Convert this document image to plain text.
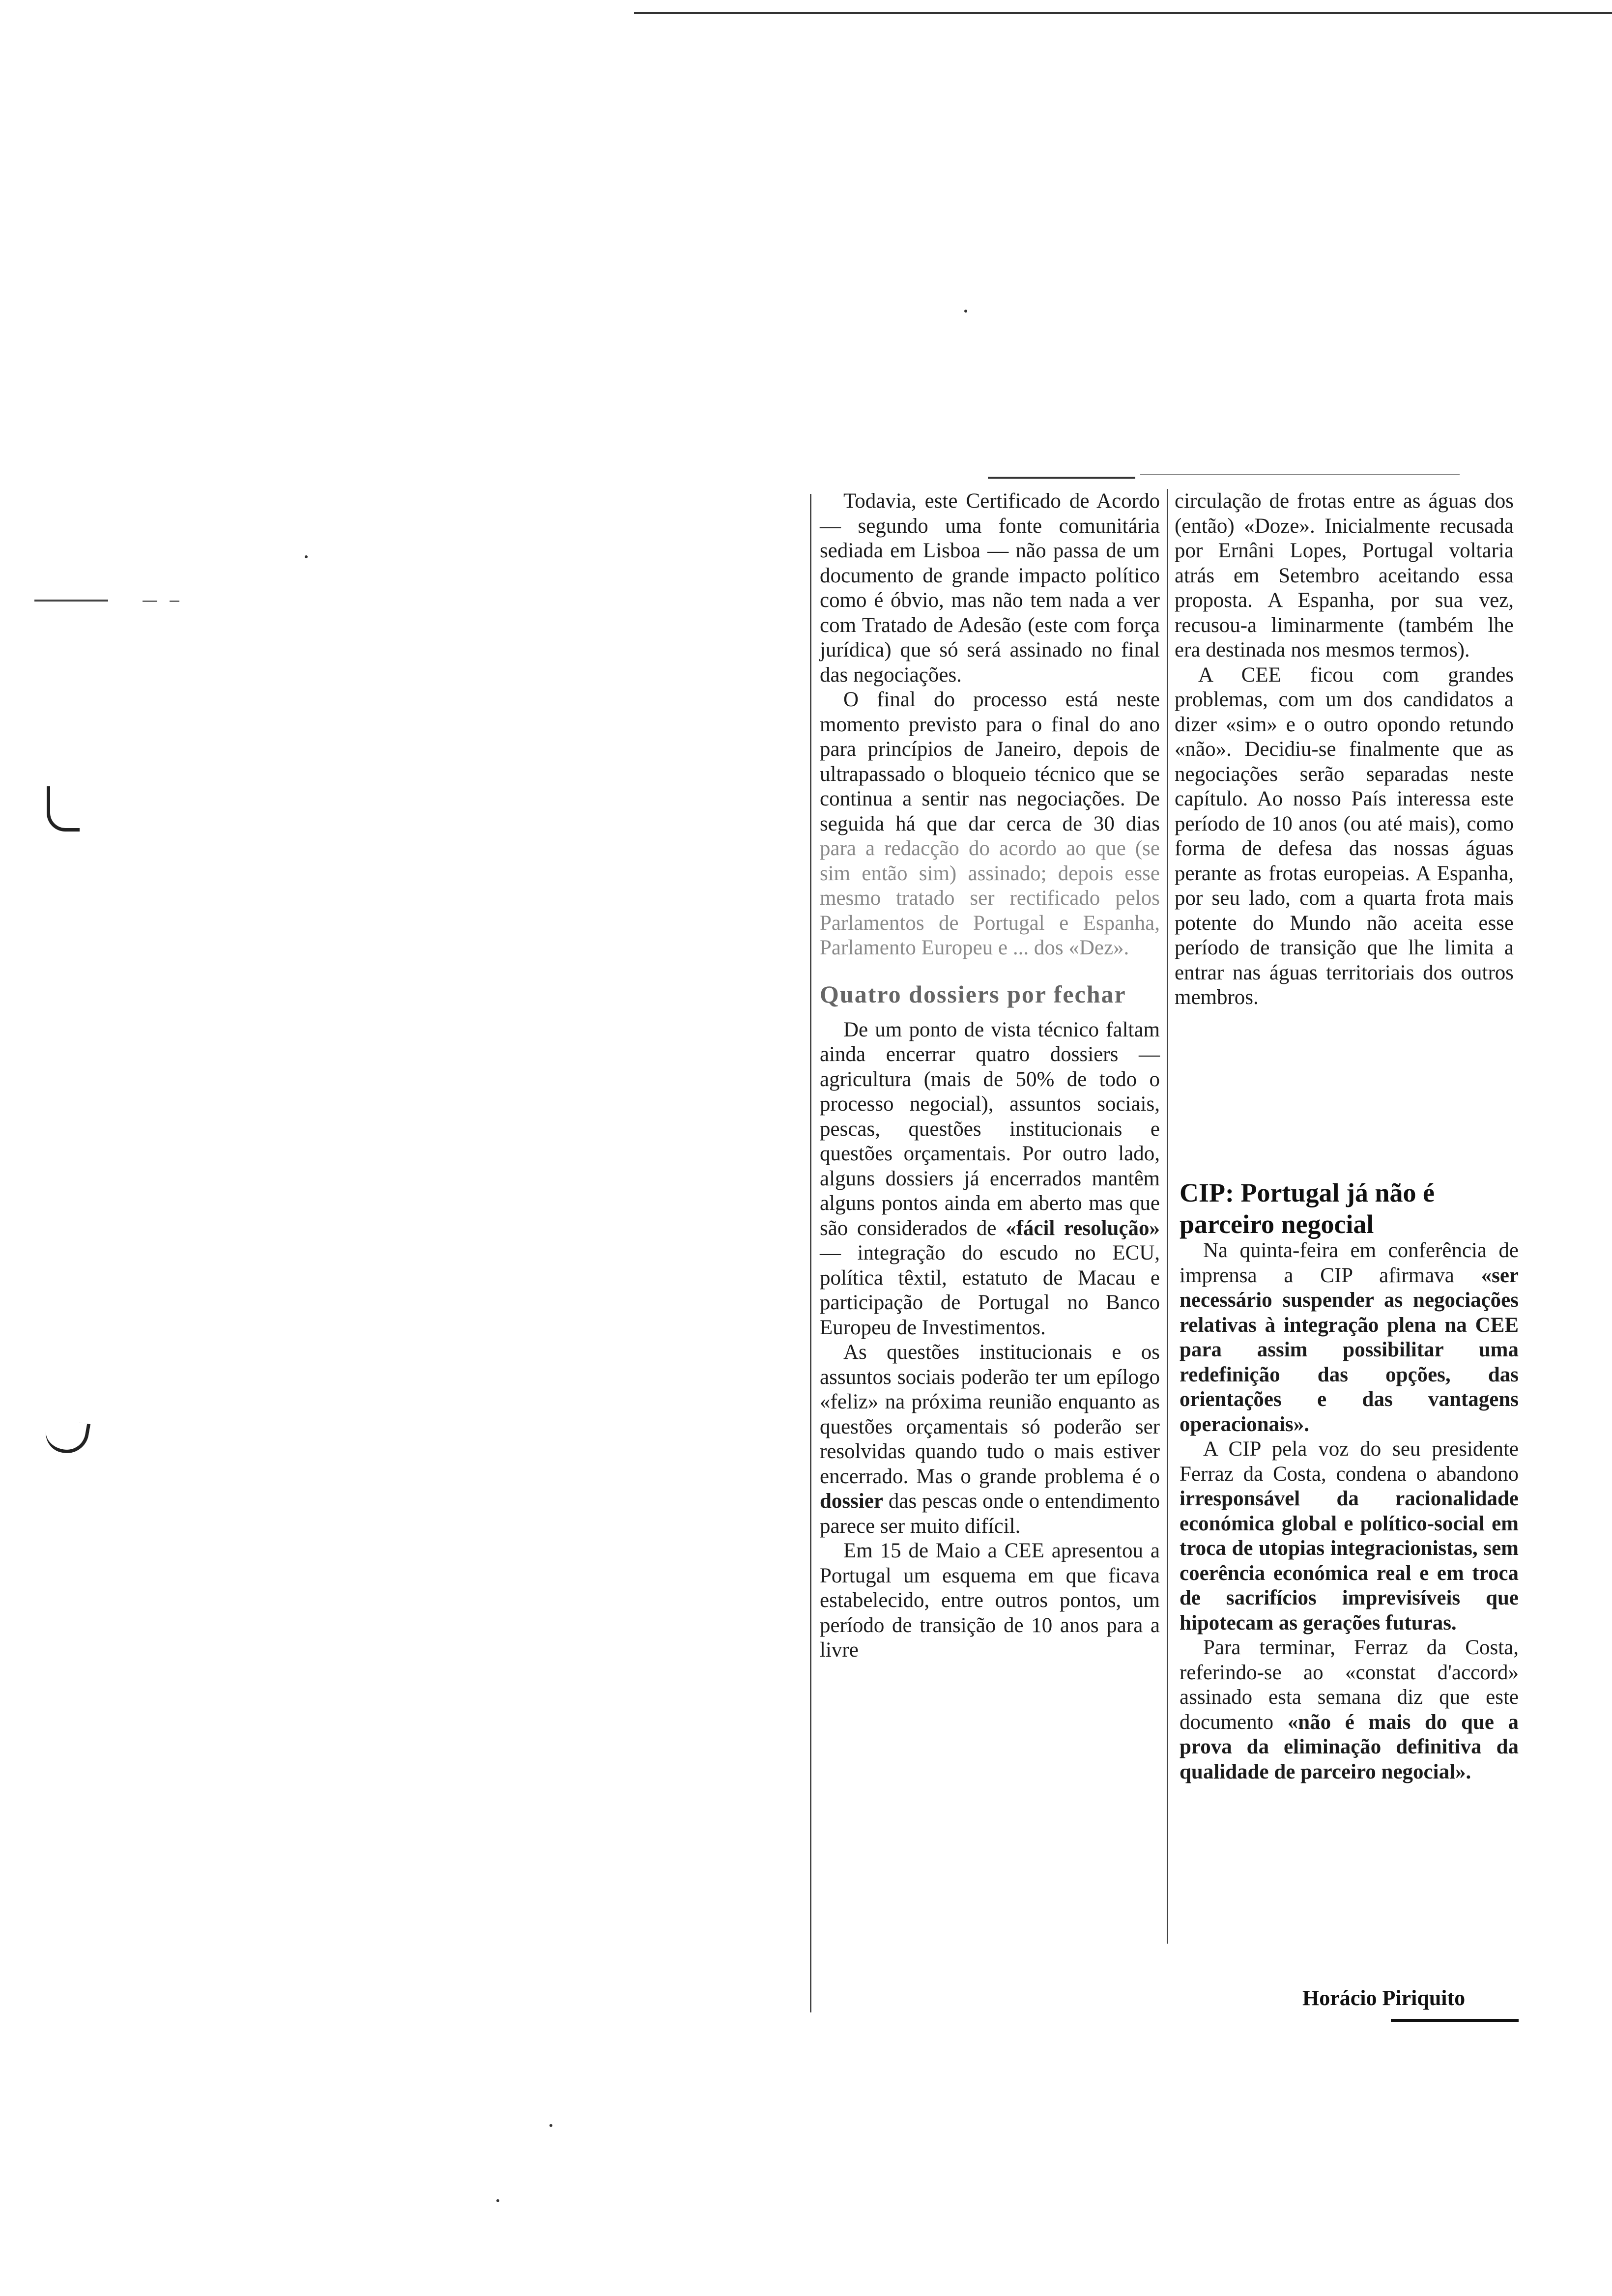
Todavia, este Certificado de Acordo — segundo uma fonte comunitária sediada em Lisboa — não passa de um documento de grande impacto político como é óbvio, mas não tem nada a ver com Tratado de Adesão (este com força jurídica) que só será assinado no final das negociações.

O final do processo está neste momento previsto para o final do ano para princípios de Janeiro, depois de ultrapassado o bloqueio técnico que se continua a sentir nas negociações. De seguida há que dar cerca de 30 dias para a redacção do acordo ao que (se sim então sim) assinado; depois esse mesmo tratado ser rectificado pelos Parlamentos de Portugal e Espanha, Parlamento Europeu e ... dos «Dez».

Quatro dossiers por fechar

De um ponto de vista técnico faltam ainda encerrar quatro dossiers — agricultura (mais de 50% de todo o processo negocial), assuntos sociais, pescas, questões institucionais e questões orçamentais. Por outro lado, alguns dossiers já encerrados mantêm alguns pontos ainda em aberto mas que são considerados de «fácil resolução» — integração do escudo no ECU, política têxtil, estatuto de Macau e participação de Portugal no Banco Europeu de Investimentos.

As questões institucionais e os assuntos sociais poderão ter um epílogo «feliz» na próxima reunião enquanto as questões orçamentais só poderão ser resolvidas quando tudo o mais estiver encerrado. Mas o grande problema é o dossier das pescas onde o entendimento parece ser muito difícil.

Em 15 de Maio a CEE apresentou a Portugal um esquema em que ficava estabelecido, entre outros pontos, um período de transição de 10 anos para a livre

circulação de frotas entre as águas dos (então) «Doze». Inicialmente recusada por Ernâni Lopes, Portugal voltaria atrás em Setembro aceitando essa proposta. A Espanha, por sua vez, recusou-a liminarmente (também lhe era destinada nos mesmos termos).

A CEE ficou com grandes problemas, com um dos candidatos a dizer «sim» e o outro opondo retundo «não». Decidiu-se finalmente que as negociações serão separadas neste capítulo. Ao nosso País interessa este período de 10 anos (ou até mais), como forma de defesa das nossas águas perante as frotas europeias. A Espanha, por seu lado, com a quarta frota mais potente do Mundo não aceita esse período de transição que lhe limita a entrar nas águas territoriais dos outros membros.

CIP: Portugal já não é parceiro negocial

Na quinta-feira em conferência de imprensa a CIP afirmava «ser necessário suspender as negociações relativas à integração plena na CEE para assim possibilitar uma redefinição das opções, das orientações e das vantagens operacionais».

A CIP pela voz do seu presidente Ferraz da Costa, condena o abandono irresponsável da racionalidade económica global e político-social em troca de utopias integracionistas, sem coerência económica real e em troca de sacrifícios imprevisíveis que hipotecam as gerações futuras.

Para terminar, Ferraz da Costa, referindo-se ao «constat d'accord» assinado esta semana diz que este documento «não é mais do que a prova da eliminação definitiva da qualidade de parceiro negocial».

Horácio Piriquito
